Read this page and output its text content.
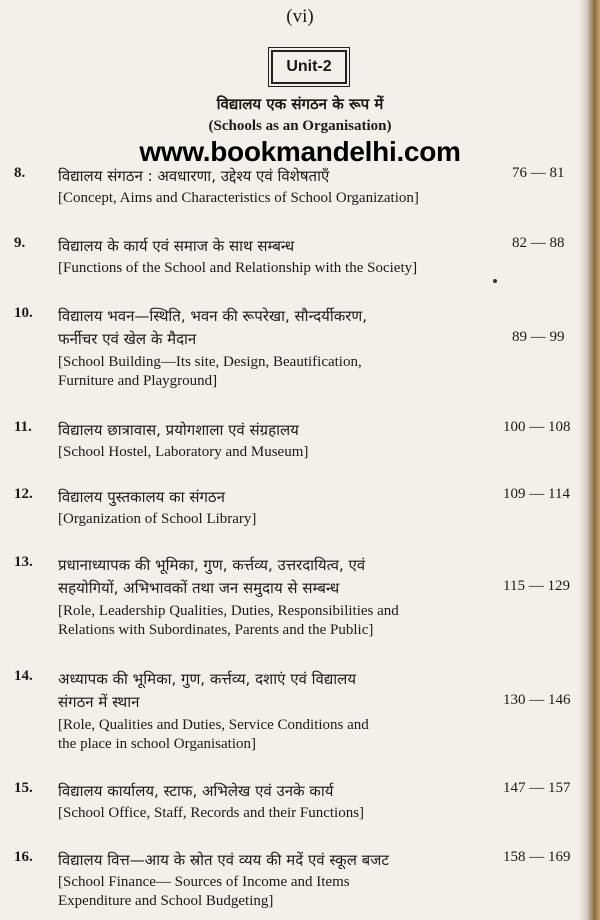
(vi)
Unit-2
विद्यालय एक संगठन के रूप में
(Schools as an Organisation)
www.bookmandelhi.com
8.	विद्यालय संगठन : अवधारणा, उद्देश्य एवं विशेषताएँ
[Concept, Aims and Characteristics of School Organization]
76 — 81
9.	विद्यालय के कार्य एवं समाज के साथ सम्बन्ध
[Functions of the School and Relationship with the Society]
82 — 88
10.	विद्यालय भवन—स्थिति, भवन की रूपरेखा, सौन्दर्यीकरण,
फर्नीचर एवं खेल के मैदान
[School Building—Its site, Design, Beautification,
Furniture and Playground]
89 — 99
11.	विद्यालय छात्रावास, प्रयोगशाला एवं संग्रहालय
[School Hostel, Laboratory and Museum]
100 — 108
12.	विद्यालय पुस्तकालय का संगठन
[Organization of School Library]
109 — 114
13.	प्रधानाध्यापक की भूमिका, गुण, कर्त्तव्य, उत्तरदायित्व, एवं
सहयोगियों, अभिभावकों तथा जन समुदाय से सम्बन्ध
[Role, Leadership Qualities, Duties, Responsibilities and
Relations with Subordinates, Parents and the Public]
115 — 129
14.	अध्यापक की भूमिका, गुण, कर्त्तव्य, दशाएं एवं विद्यालय
संगठन में स्थान
[Role, Qualities and Duties, Service Conditions and
the place in school Organisation]
130 — 146
15.	विद्यालय कार्यालय, स्टाफ, अभिलेख एवं उनके कार्य
[School Office, Staff, Records and their Functions]
147 — 157
16.	विद्यालय वित्त—आय के स्रोत एवं व्यय की मदें एवं स्कूल बजट
[School Finance— Sources of Income and Items
Expenditure and School Budgeting]
158 — 169
